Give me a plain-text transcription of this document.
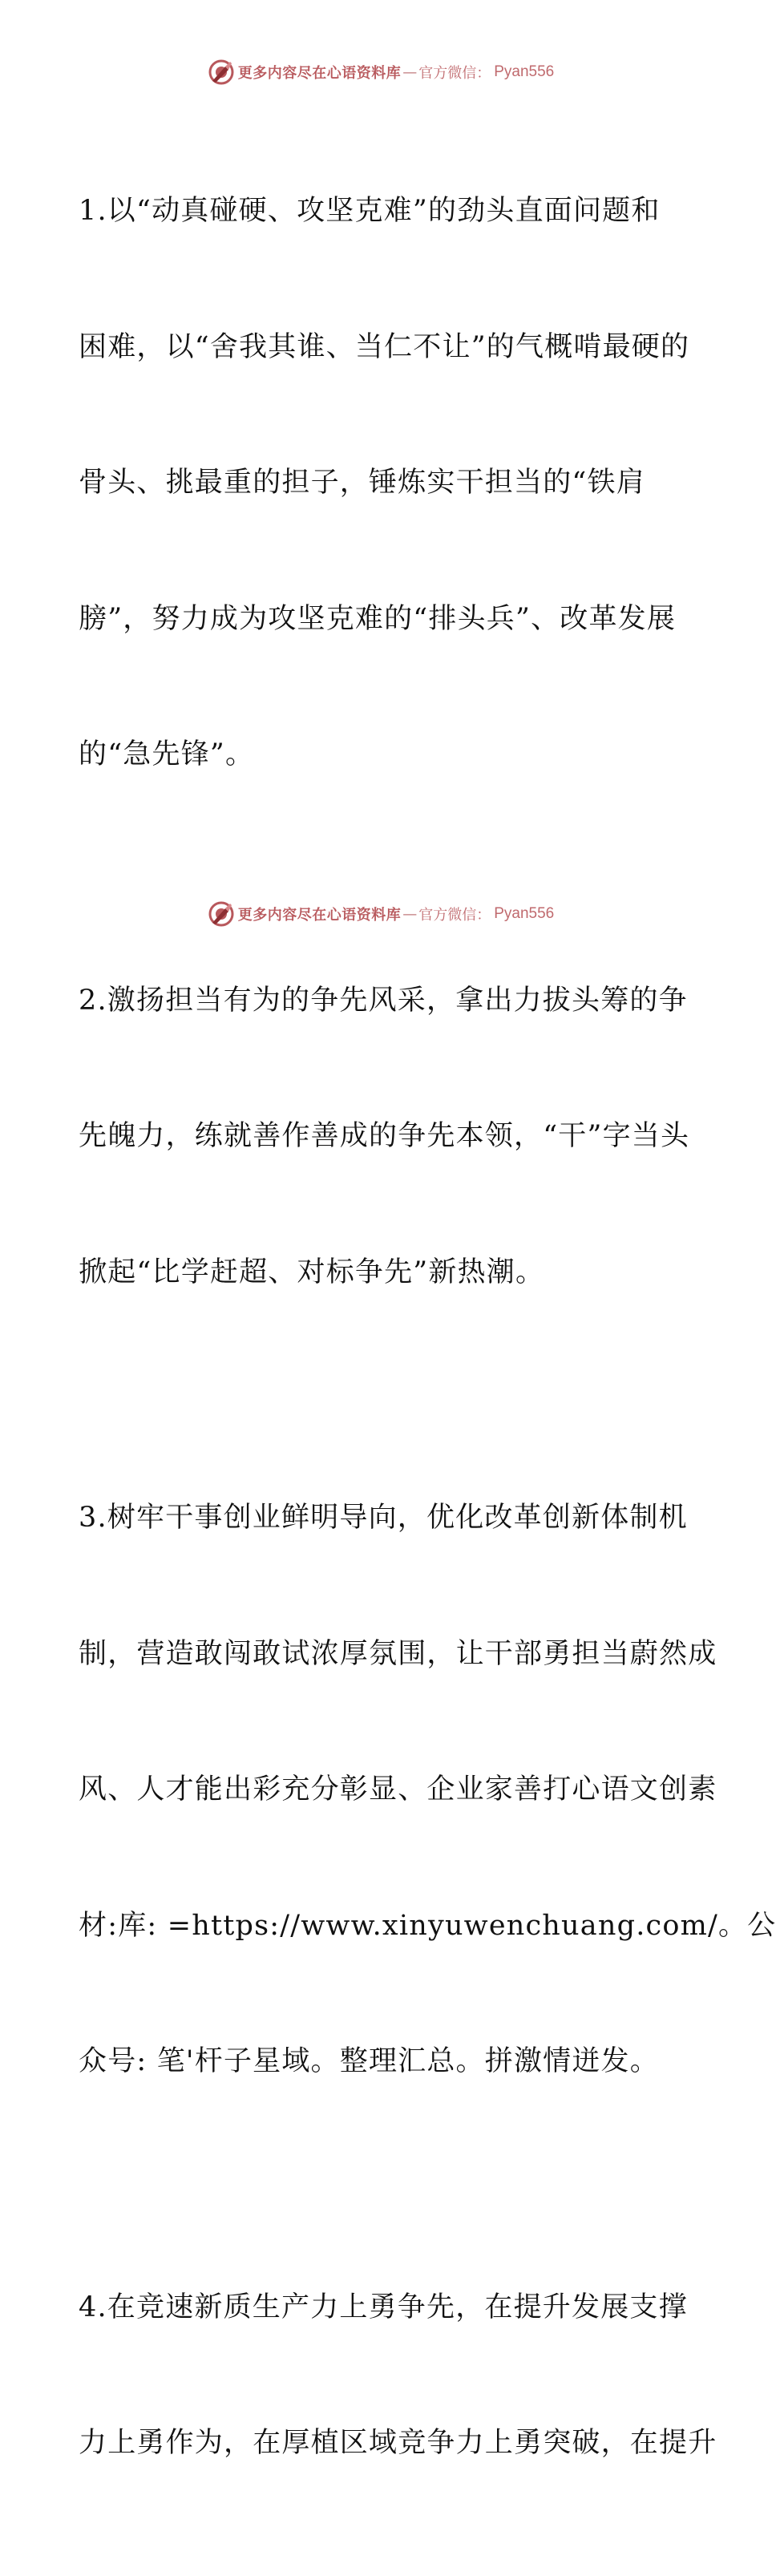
更多内容尽在心语资料库 — 官方微信： Pyan556

1.以“动真碰硬、攻坚克难”的劲头直面问题和

困难，以“舍我其谁、当仁不让”的气概啃最硬的

骨头、挑最重的担子，锤炼实干担当的“铁肩

膀”，努力成为攻坚克难的“排头兵”、改革发展

的“急先锋”。

2.激扬担当有为的争先风采，拿出力拔头筹的争

先魄力，练就善作善成的争先本领，“干”字当头

掀起“比学赶超、对标争先”新热潮。

3.树牢干事创业鲜明导向，优化改革创新体制机

制，营造敢闯敢试浓厚氛围，让干部勇担当蔚然成

风、人才能出彩充分彰显、企业家善打心语文创素

材:库: =https://www.xinyuwenchuang.com/。公

众号: 笔'杆子星域。整理汇总。拼激情迸发。

4.在竞速新质生产力上勇争先，在提升发展支撑

力上勇作为，在厚植区域竞争力上勇突破，在提升

更多内容尽在心语资料库 — 官方微信： Pyan556
